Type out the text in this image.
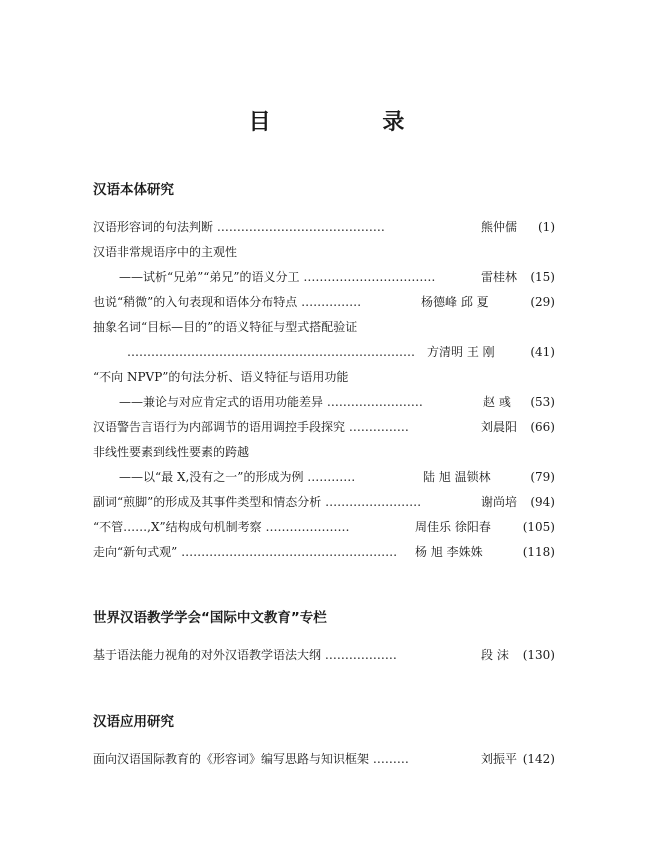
目 录
汉语本体研究
汉语形容词的句法判断 ……………………………………	熊仲儒 (1)
汉语非常规语序中的主观性
——试析“兄弟”“弟兄”的语义分工 ……………………………	雷桂林 (15)
也说“稍微”的入句表现和语体分布特点 ……………	杨德峰 邱 夏	(29)
抽象名词“目标—目的”的语义特征与型式搭配验证
……………………………………………………………… 方清明 王 刚	(41)
“不向 NPVP”的句法分析、语义特征与语用功能
——兼论与对应肯定式的语用功能差异 ……………………	赵 彧 (53)
汉语警告言语行为内部调节的语用调控手段探究 ……………	刘晨阳 (66)
非线性要素到线性要素的跨越
——以“最 X,没有之一”的形成为例 …………	陆 旭 温锁林	(79)
副词“煎脚”的形成及其事件类型和情态分析 ……………………	谢尚培 (94)
“不管……,X”结构成句机制考察 …………………	周佳乐 徐阳春	(105)
走向“新句式观” ……………………………………………… 杨 旭 李姝姝	(118)
世界汉语教学学会“国际中文教育”专栏
基于语法能力视角的对外汉语教学语法大纲 ………………	段 沫 (130)
汉语应用研究
面向汉语国际教育的《形容词》编写思路与知识框架 ………	刘振平 (142)
